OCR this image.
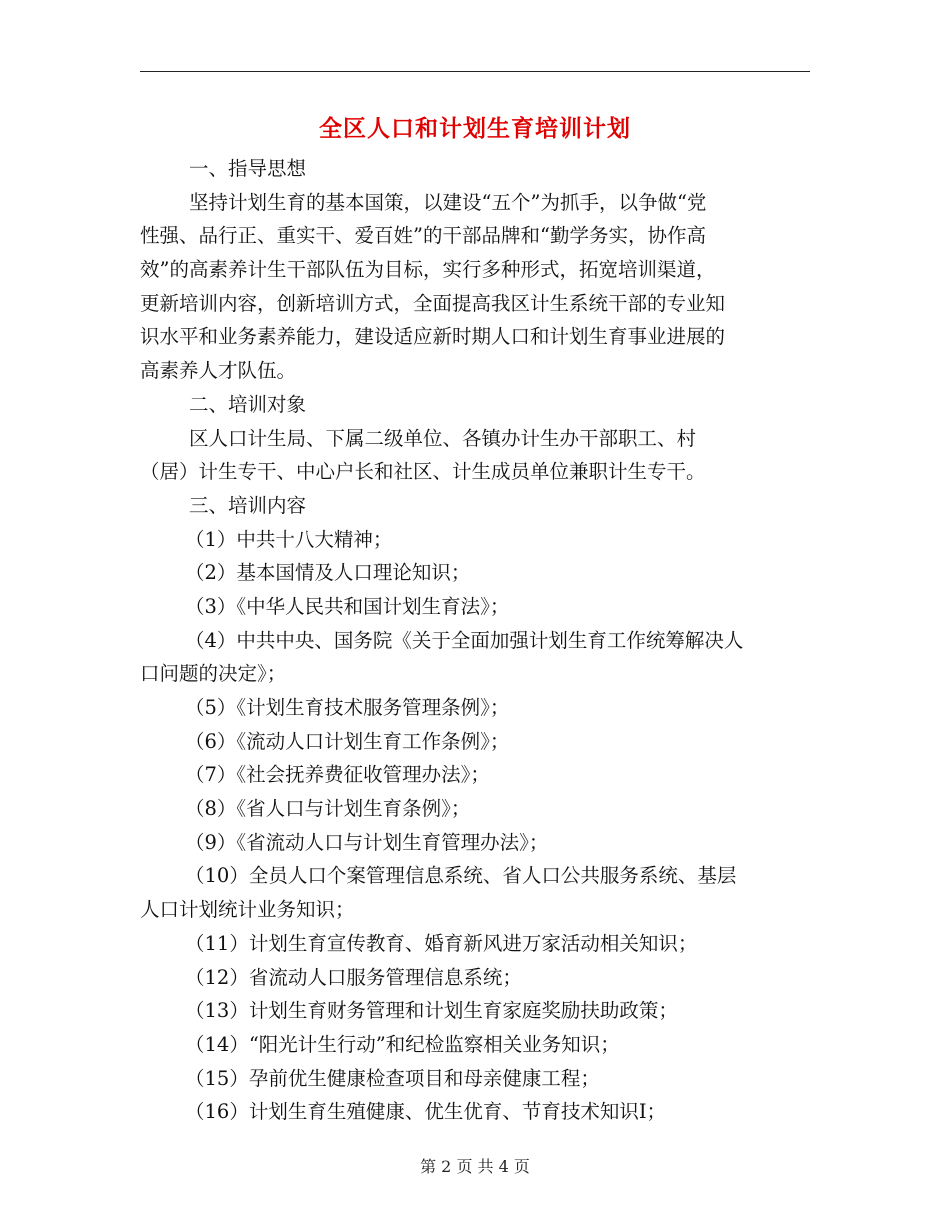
全区人口和计划生育培训计划
一、指导思想
坚持计划生育的基本国策，以建设“五个”为抓手，以争做“党
性强、品行正、重实干、爱百姓”的干部品牌和“勤学务实，协作高
效”的高素养计生干部队伍为目标，实行多种形式，拓宽培训渠道，
更新培训内容，创新培训方式，全面提高我区计生系统干部的专业知
识水平和业务素养能力，建设适应新时期人口和计划生育事业进展的
高素养人才队伍。
二、培训对象
区人口计生局、下属二级单位、各镇办计生办干部职工、村
（居）计生专干、中心户长和社区、计生成员单位兼职计生专干。
三、培训内容
（1）中共十八大精神；
（2）基本国情及人口理论知识；
（3）《中华人民共和国计划生育法》；
（4）中共中央、国务院《关于全面加强计划生育工作统筹解决人
口问题的决定》；
（5）《计划生育技术服务管理条例》；
（6）《流动人口计划生育工作条例》；
（7）《社会抚养费征收管理办法》；
（8）《省人口与计划生育条例》；
（9）《省流动人口与计划生育管理办法》；
（10）全员人口个案管理信息系统、省人口公共服务系统、基层
人口计划统计业务知识；
（11）计划生育宣传教育、婚育新风进万家活动相关知识；
（12）省流动人口服务管理信息系统；
（13）计划生育财务管理和计划生育家庭奖励扶助政策；
（14）“阳光计生行动”和纪检监察相关业务知识；
（15）孕前优生健康检查项目和母亲健康工程；
（16）计划生育生殖健康、优生优育、节育技术知识I；
第 2 页 共 4 页
